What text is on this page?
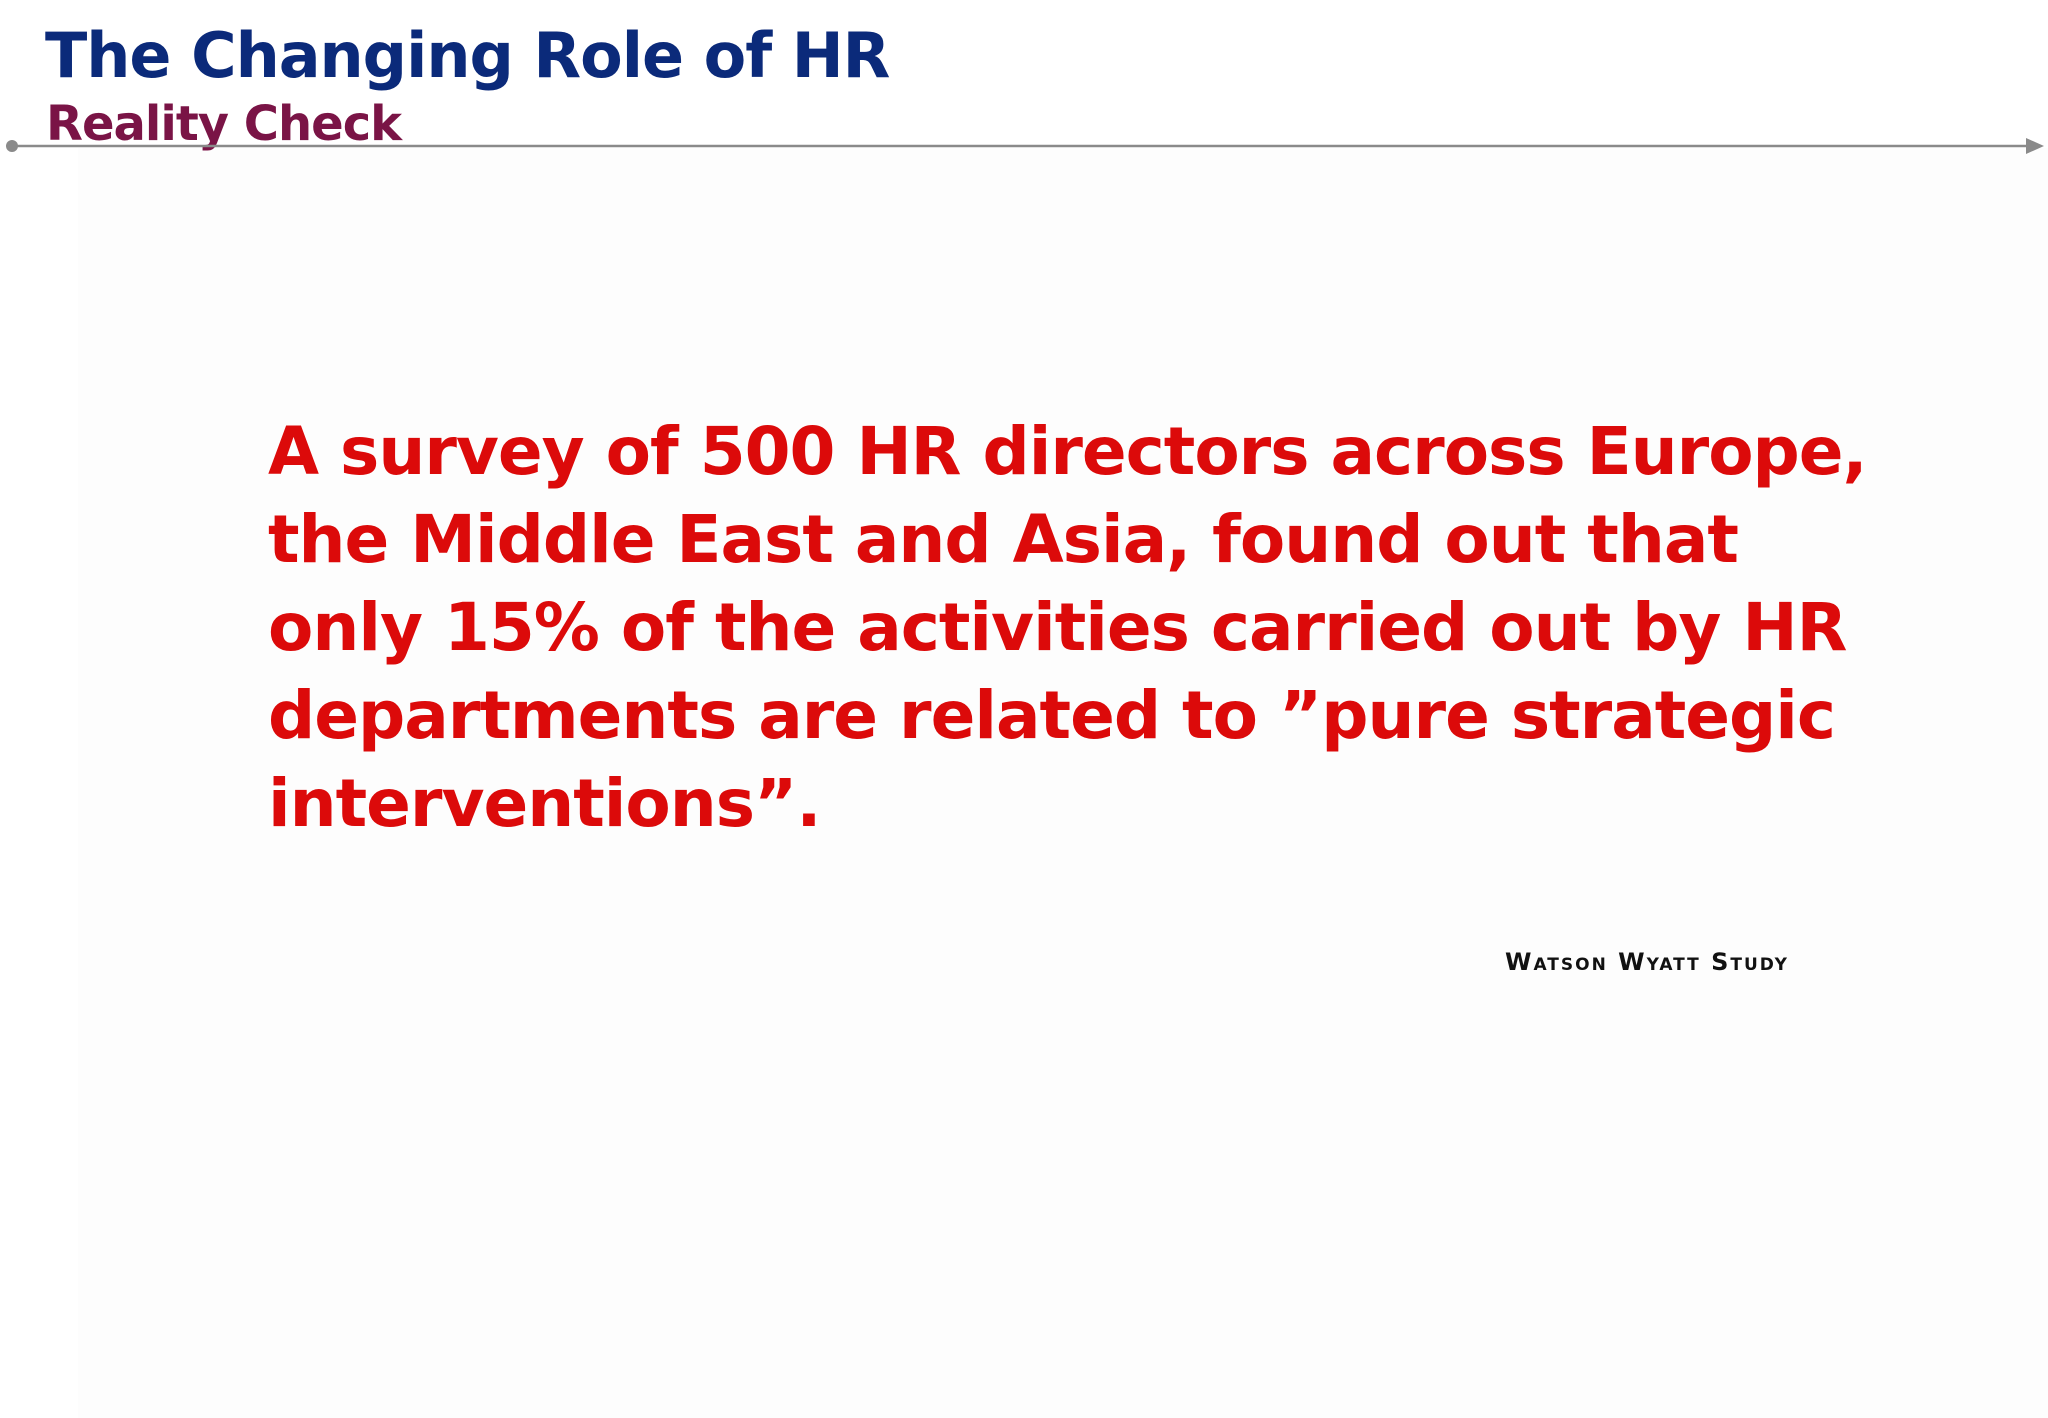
The Changing Role of HR
Reality Check

A survey of 500 HR directors across Europe, the Middle East and Asia, found out that only 15% of the activities carried out by HR departments are related to ”pure strategic interventions”.

Watson Wyatt Study
